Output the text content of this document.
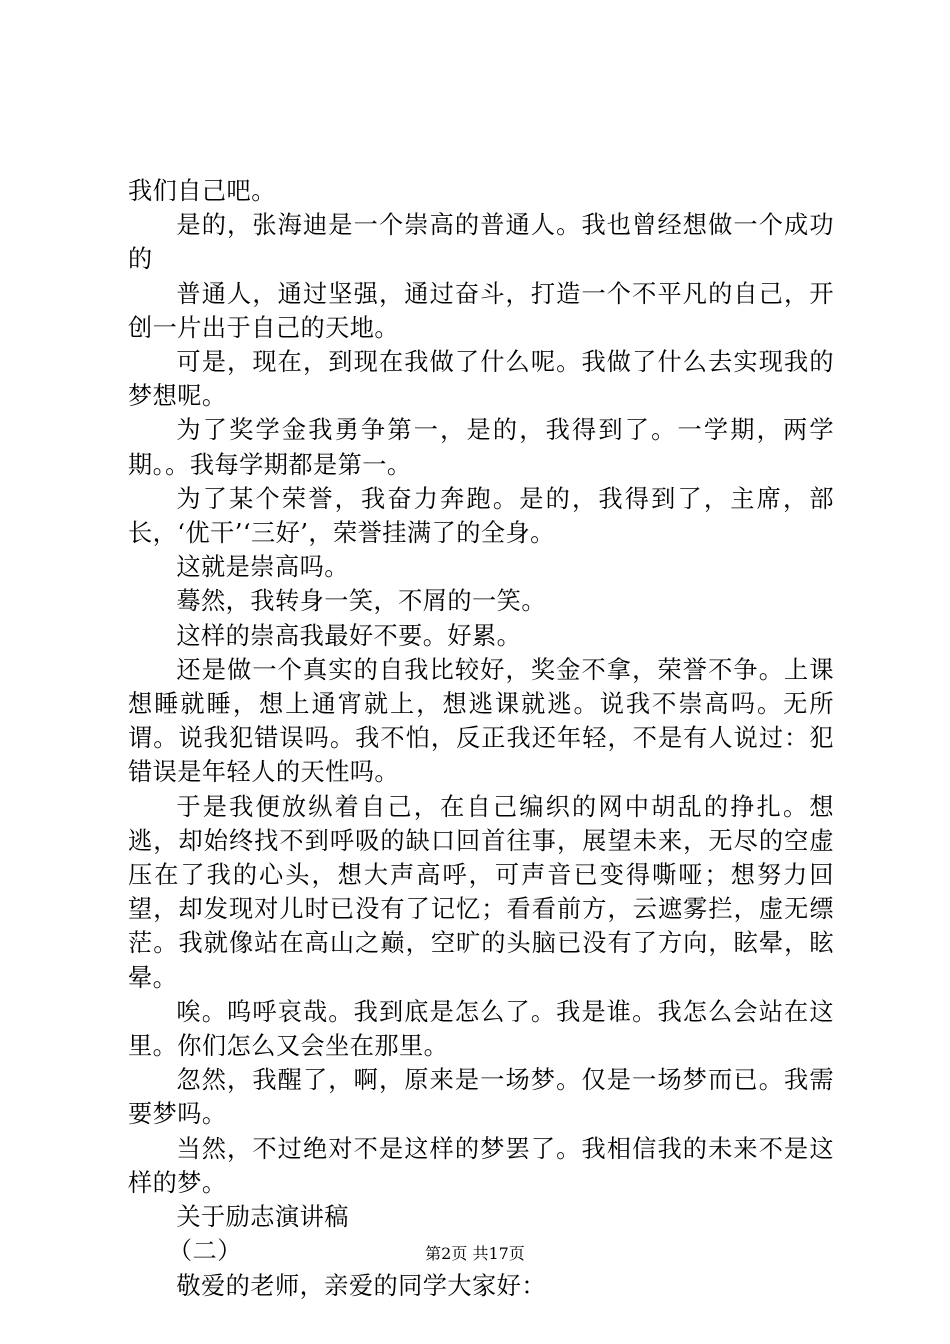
我们自己吧。

是的，张海迪是一个崇高的普通人。我也曾经想做一个成功的

普通人，通过坚强，通过奋斗，打造一个不平凡的自己，开创一片出于自己的天地。

可是，现在，到现在我做了什么呢。我做了什么去实现我的梦想呢。

为了奖学金我勇争第一，是的，我得到了。一学期，两学期。。我每学期都是第一。

为了某个荣誉，我奋力奔跑。是的，我得到了，主席，部长，‘优干’‘三好’，荣誉挂满了的全身。

这就是崇高吗。

蓦然，我转身一笑，不屑的一笑。

这样的崇高我最好不要。好累。

还是做一个真实的自我比较好，奖金不拿，荣誉不争。上课想睡就睡，想上通宵就上，想逃课就逃。说我不崇高吗。无所谓。说我犯错误吗。我不怕，反正我还年轻，不是有人说过：犯错误是年轻人的天性吗。

于是我便放纵着自己，在自己编织的网中胡乱的挣扎。想逃，却始终找不到呼吸的缺口回首往事，展望未来，无尽的空虚压在了我的心头，想大声高呼，可声音已变得嘶哑；想努力回望，却发现对儿时已没有了记忆；看看前方，云遮雾拦，虚无缥茫。我就像站在高山之巅，空旷的头脑已没有了方向，眩晕，眩晕。

唉。呜呼哀哉。我到底是怎么了。我是谁。我怎么会站在这里。你们怎么又会坐在那里。

忽然，我醒了，啊，原来是一场梦。仅是一场梦而已。我需要梦吗。

当然，不过绝对不是这样的梦罢了。我相信我的未来不是这样的梦。

关于励志演讲稿

（二）

敬爱的老师，亲爱的同学大家好：

第2页 共17页
